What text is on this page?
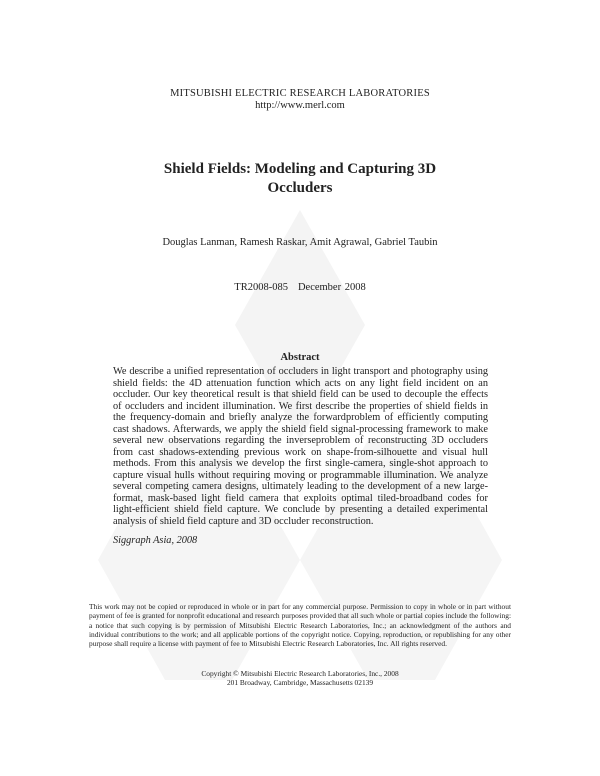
MITSUBISHI ELECTRIC RESEARCH LABORATORIES
http://www.merl.com
Shield Fields: Modeling and Capturing 3D
Occluders
Douglas Lanman, Ramesh Raskar, Amit Agrawal, Gabriel Taubin
TR2008-085 December 2008
Abstract

We describe a unified representation of occluders in light transport and photography using shield fields: the 4D attenuation function which acts on any light field incident on an occluder. Our key theoretical result is that shield field can be used to decouple the effects of occluders and incident illumination. We first describe the properties of shield fields in the frequency-domain and briefly analyze the forwardproblem of efficiently computing cast shadows. Afterwards, we apply the shield field signal-processing framework to make several new observations regarding the inverseproblem of reconstructing 3D occluders from cast shadows-extending previous work on shape-from-silhouette and visual hull methods. From this analysis we develop the first single-camera, single-shot approach to capture visual hulls without requiring moving or programmable illumination. We analyze several competing camera designs, ultimately leading to the development of a new large-format, mask-based light field camera that exploits optimal tiled-broadband codes for light-efficient shield field capture. We conclude by presenting a detailed experimental analysis of shield field capture and 3D occluder reconstruction.

Siggraph Asia, 2008

This work may not be copied or reproduced in whole or in part for any commercial purpose. Permission to copy in whole or in part without payment of fee is granted for nonprofit educational and research purposes provided that all such whole or partial copies include the following: a notice that such copying is by permission of Mitsubishi Electric Research Laboratories, Inc.; an acknowledgment of the authors and individual contributions to the work; and all applicable portions of the copyright notice. Copying, reproduction, or republishing for any other purpose shall require a license with payment of fee to Mitsubishi Electric Research Laboratories, Inc. All rights reserved.

Copyright © Mitsubishi Electric Research Laboratories, Inc., 2008
201 Broadway, Cambridge, Massachusetts 02139
